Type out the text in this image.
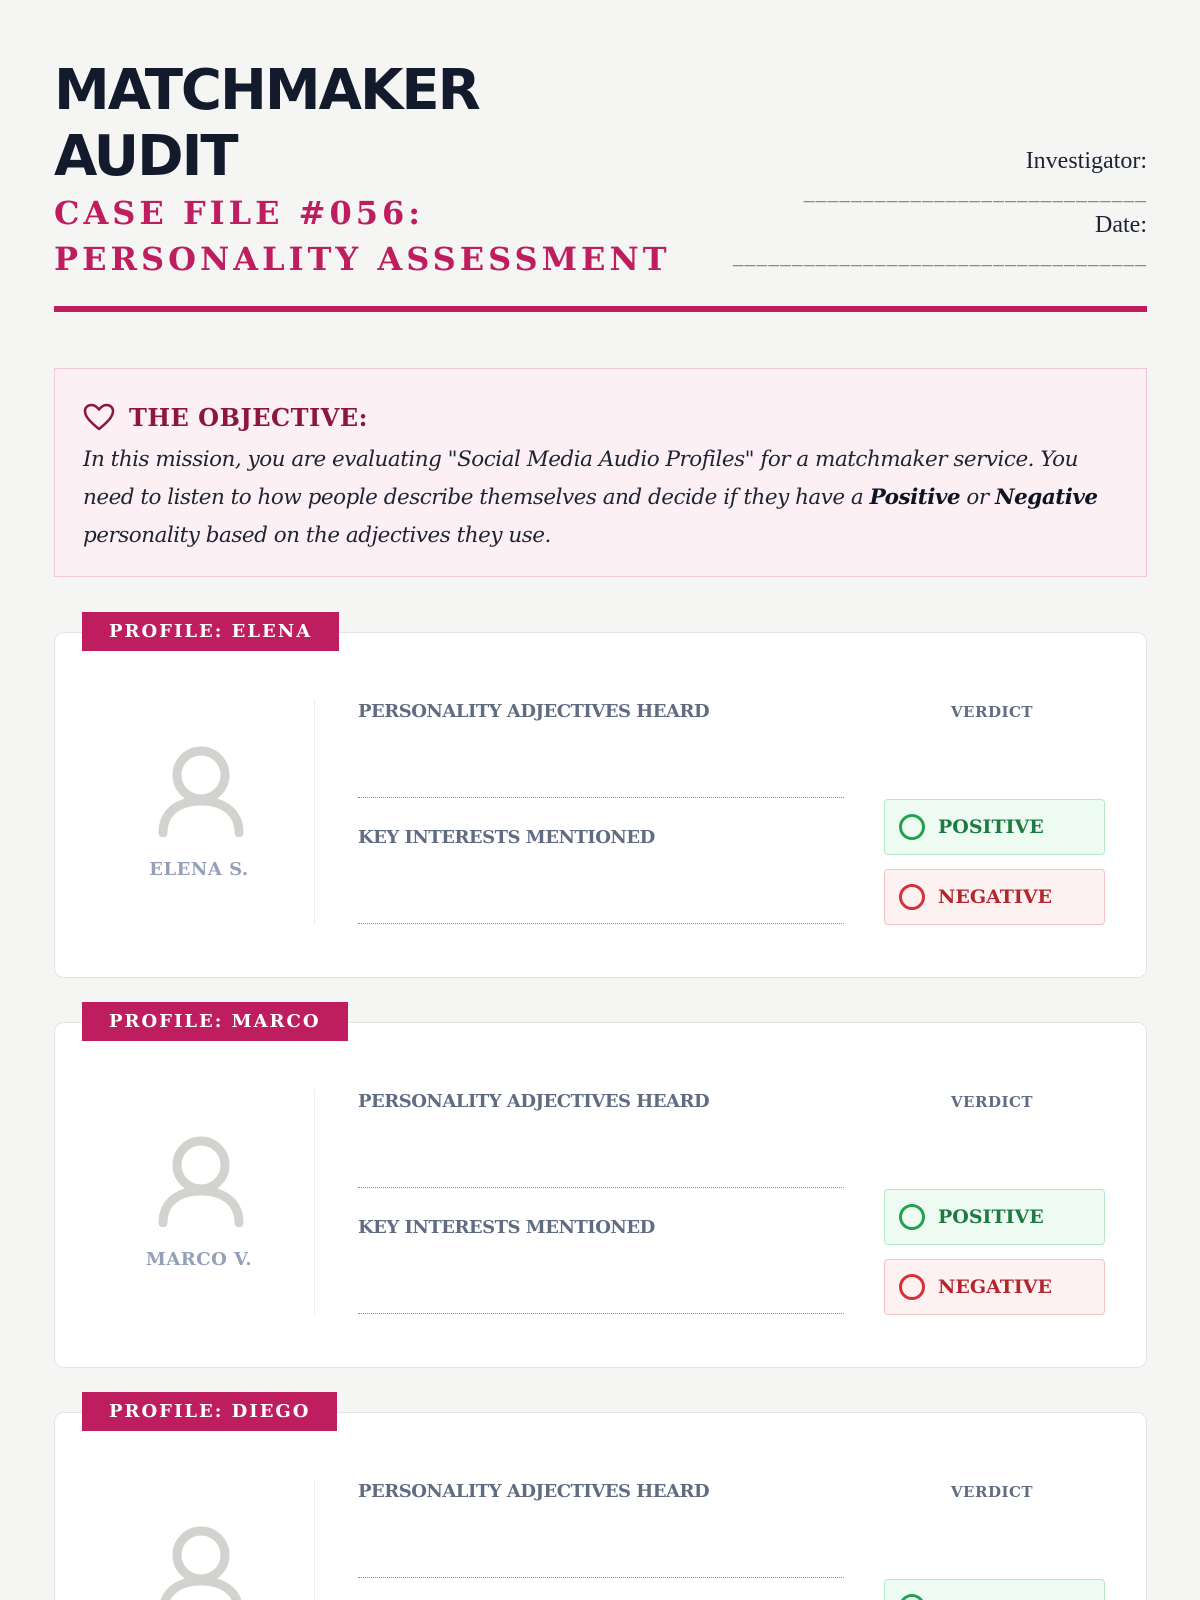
MATCHMAKER
AUDIT
CASE FILE #056: PERSONALITY ASSESSMENT
Investigator:
_____________________________
Date:
___________________________________
THE OBJECTIVE:
In this mission, you are evaluating "Social Media Audio Profiles" for a matchmaker service. You need to listen to how people describe themselves and decide if they have a Positive or Negative personality based on the adjectives they use.
PROFILE: ELENA
ELENA S.
PERSONALITY ADJECTIVES HEARD
KEY INTERESTS MENTIONED
VERDICT
POSITIVE
NEGATIVE
PROFILE: MARCO
MARCO V.
PERSONALITY ADJECTIVES HEARD
KEY INTERESTS MENTIONED
VERDICT
POSITIVE
NEGATIVE
PROFILE: DIEGO
PERSONALITY ADJECTIVES HEARD	VERDICT
